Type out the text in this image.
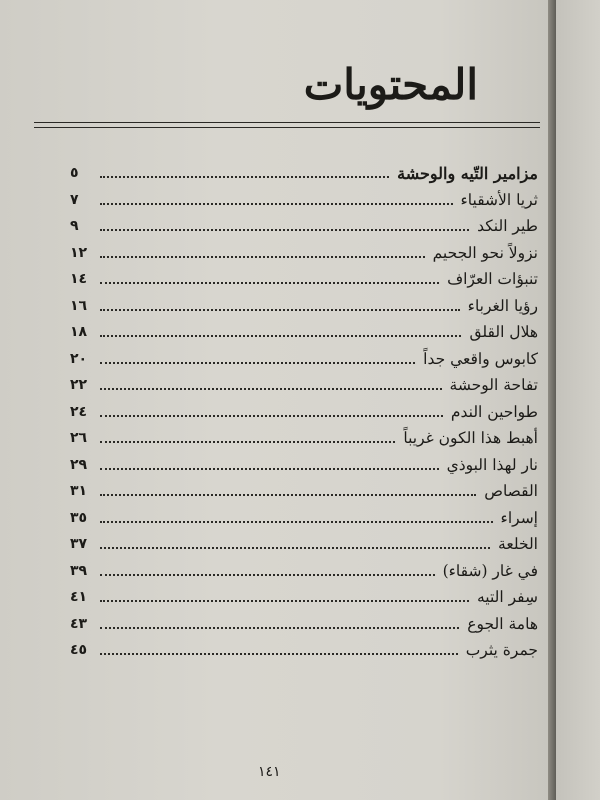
المحتويات
مزامير التّيه والوحشة
٥
ثريا الأشقياء
٧
طير النكد
٩
نزولاً نحو الجحيم
١٢
تنبؤات العرّاف
١٤
رؤيا الغرباء
١٦
هلال القلق
١٨
كابوس واقعي جداً
٢٠
تفاحة الوحشة
٢٢
طواحين الندم
٢٤
أهبط هذا الكون غريباً
٢٦
نار لهذا البوذي
٢٩
القصاص
٣١
إسراء
٣٥
الخلعة
٣٧
في غار (شقاء)
٣٩
سِفر التيه
٤١
هامة الجوع
٤٣
جمرة يثرب
٤٥
١٤١
